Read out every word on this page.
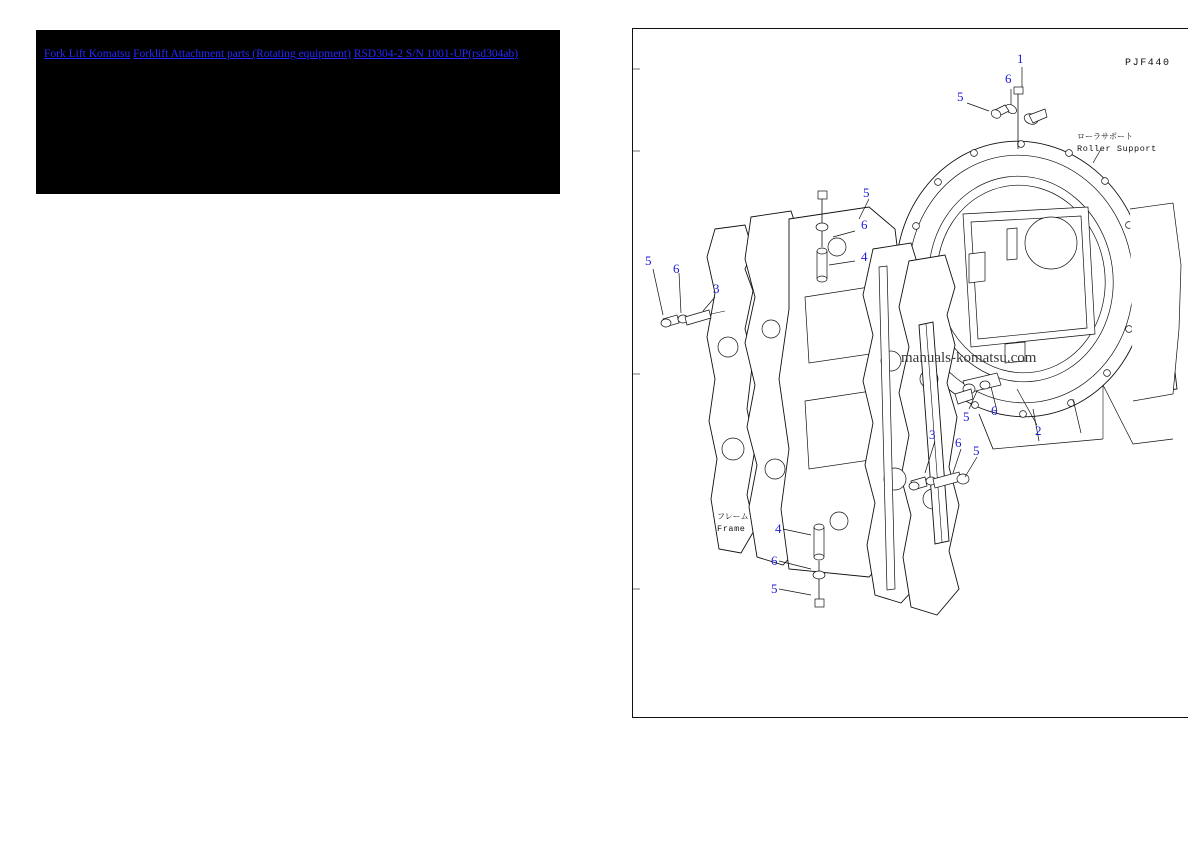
Fork Lift Komatsu Forklift Attachment parts (Rotating equipment) RSD304-2 S/N 1001-UP(rsd304ab)
PJF440
1
6
5
5
6
4
5
6
3
5 6
2
3
6
5
4
6
5
ローラサポート
Roller Support
フレーム
Frame
manuals-komatsu.com
